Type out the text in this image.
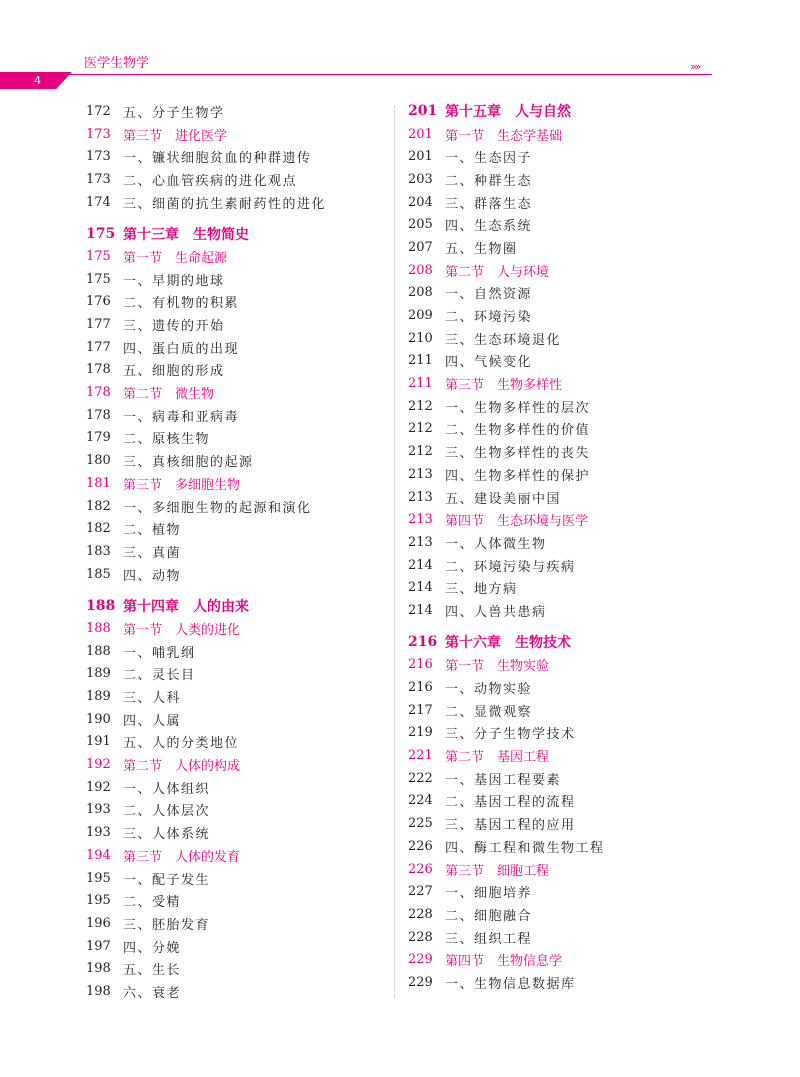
4
医学生物学	»»
172 五、分子生物学
173 第三节　进化医学
173 一、镰状细胞贫血的种群遗传
173 二、心血管疾病的进化观点
174 三、细菌的抗生素耐药性的进化
175 第十三章　生物简史
175 第一节　生命起源
175 一、早期的地球
176 二、有机物的积累
177 三、遗传的开始
177 四、蛋白质的出现
178 五、细胞的形成
178 第二节　微生物
178 一、病毒和亚病毒
179 二、原核生物
180 三、真核细胞的起源
181 第三节　多细胞生物
182 一、多细胞生物的起源和演化
182 二、植物
183 三、真菌
185 四、动物
188 第十四章　人的由来
188 第一节　人类的进化
188 一、哺乳纲
189 二、灵长目
189 三、人科
190 四、人属
191 五、人的分类地位
192 第二节　人体的构成
192 一、人体组织
193 二、人体层次
193 三、人体系统
194 第三节　人体的发育
195 一、配子发生
195 二、受精
196 三、胚胎发育
197 四、分娩
198 五、生长
198 六、衰老
201 第十五章　人与自然
201 第一节　生态学基础
201 一、生态因子
203 二、种群生态
204 三、群落生态
205 四、生态系统
207 五、生物圈
208 第二节　人与环境
208 一、自然资源
209 二、环境污染
210 三、生态环境退化
211 四、气候变化
211 第三节　生物多样性
212 一、生物多样性的层次
212 二、生物多样性的价值
212 三、生物多样性的丧失
213 四、生物多样性的保护
213 五、建设美丽中国
213 第四节　生态环境与医学
213 一、人体微生物
214 二、环境污染与疾病
214 三、地方病
214 四、人兽共患病
216 第十六章　生物技术
216 第一节　生物实验
216 一、动物实验
217 二、显微观察
219 三、分子生物学技术
221 第二节　基因工程
222 一、基因工程要素
224 二、基因工程的流程
225 三、基因工程的应用
226 四、酶工程和微生物工程
226 第三节　细胞工程
227 一、细胞培养
228 二、细胞融合
228 三、组织工程
229 第四节　生物信息学
229 一、生物信息数据库
